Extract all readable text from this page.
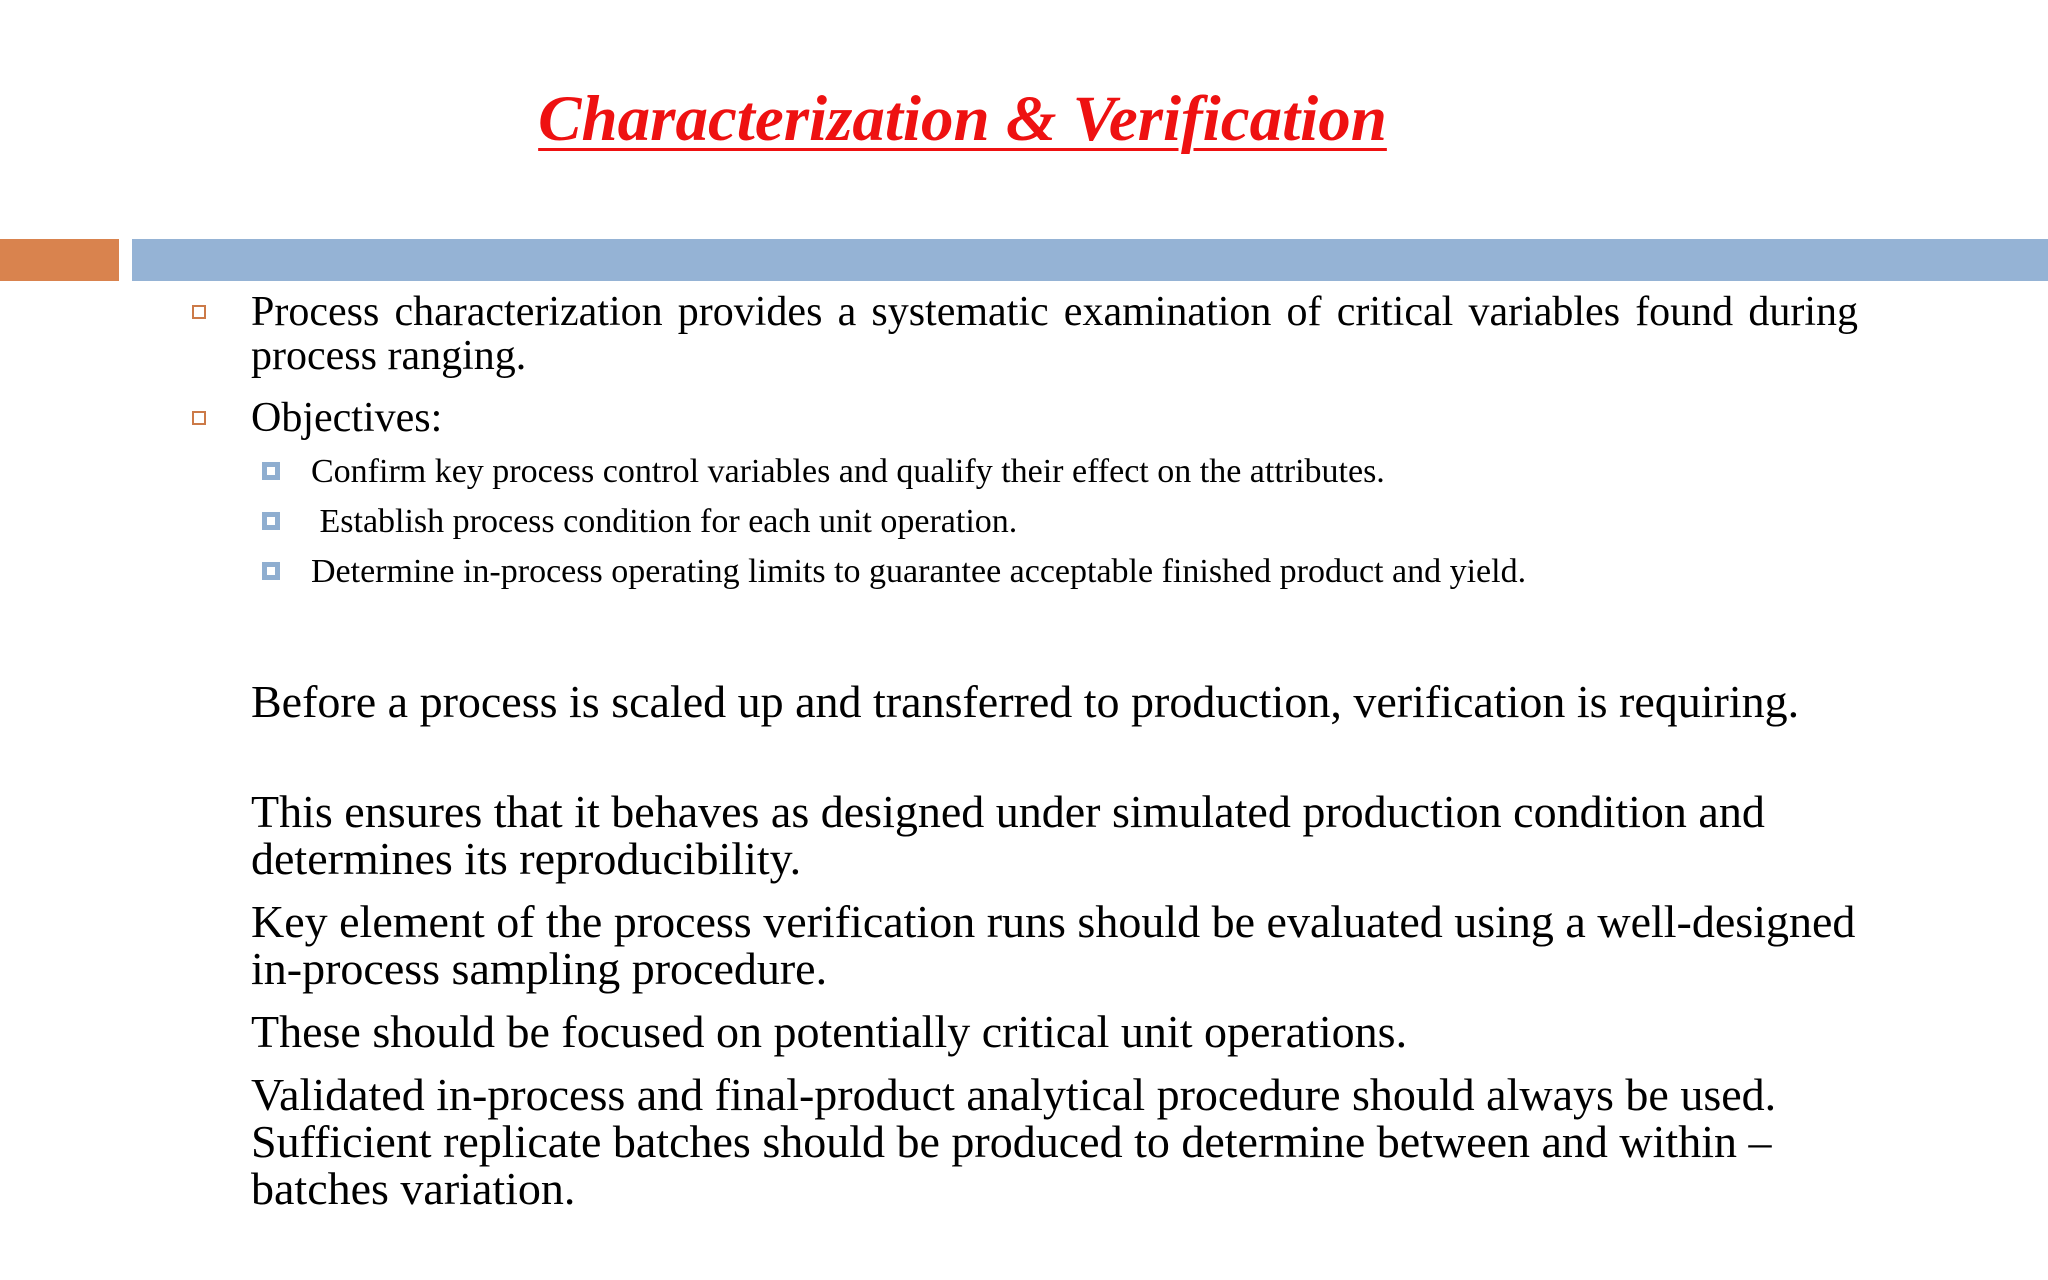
Characterization & Verification
Process characterization provides a systematic examination of critical variables found during process ranging.
Objectives:
Confirm key process control variables and qualify their effect on the attributes.
Establish process condition for each unit operation.
Determine in-process operating limits to guarantee acceptable finished product and yield.
Before a process is scaled up and transferred to production, verification is requiring.
This ensures that it behaves as designed under simulated production condition and determines its reproducibility.
Key element of the process verification runs should be evaluated using a well-designed in-process sampling procedure.
These should be focused on potentially critical unit operations.
Validated in-process and final-product analytical procedure should always be used. Sufficient replicate batches should be produced to determine between and within – batches variation.
